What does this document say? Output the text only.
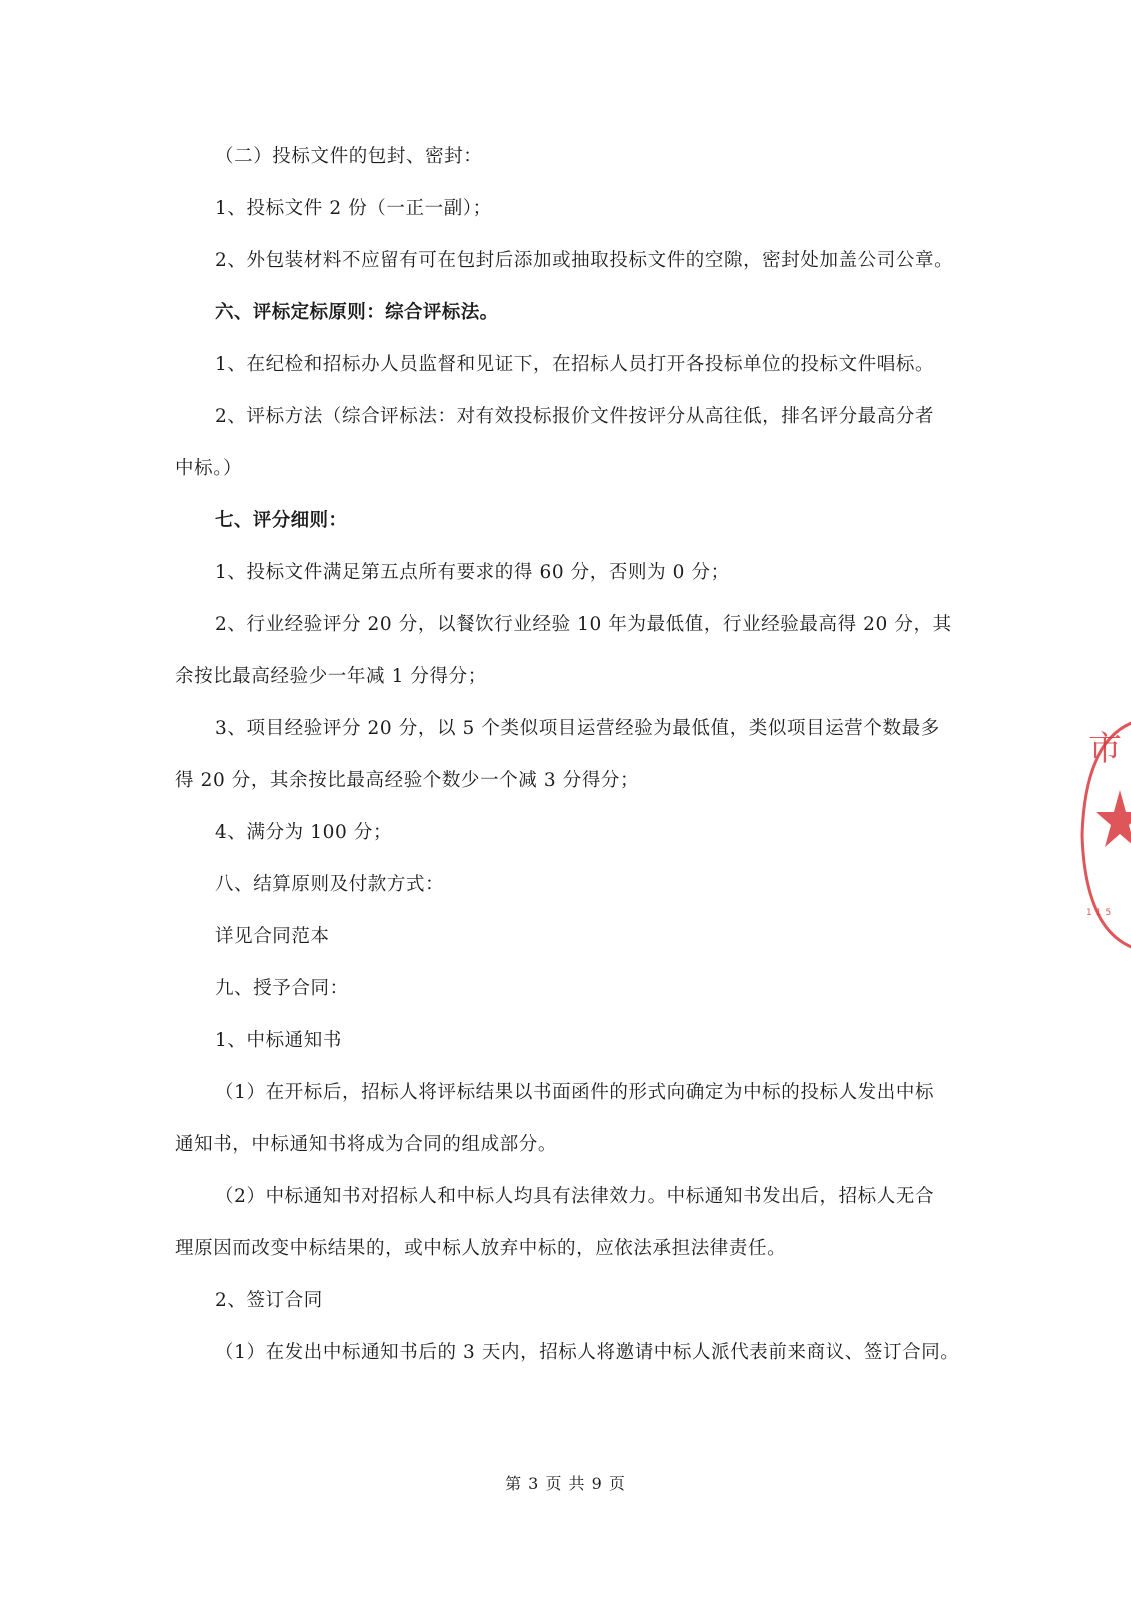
（二）投标文件的包封、密封：
1、投标文件 2 份（一正一副）；
2、外包装材料不应留有可在包封后添加或抽取投标文件的空隙，密封处加盖公司公章。
六、评标定标原则：综合评标法。
1、在纪检和招标办人员监督和见证下，在招标人员打开各投标单位的投标文件唱标。
2、评标方法（综合评标法：对有效投标报价文件按评分从高往低，排名评分最高分者
中标。）
七、评分细则：
1、投标文件满足第五点所有要求的得 60 分，否则为 0 分；
2、行业经验评分 20 分，以餐饮行业经验 10 年为最低值，行业经验最高得 20 分，其
余按比最高经验少一年减 1 分得分；
3、项目经验评分 20 分，以 5 个类似项目运营经验为最低值，类似项目运营个数最多
得 20 分，其余按比最高经验个数少一个减 3 分得分；
4、满分为 100 分；
八、结算原则及付款方式：
详见合同范本
九、授予合同：
1、中标通知书
（1）在开标后，招标人将评标结果以书面函件的形式向确定为中标的投标人发出中标
通知书，中标通知书将成为合同的组成部分。
（2）中标通知书对招标人和中标人均具有法律效力。中标通知书发出后，招标人无合
理原因而改变中标结果的，或中标人放弃中标的，应依法承担法律责任。
2、签订合同
（1）在发出中标通知书后的 3 天内，招标人将邀请中标人派代表前来商议、签订合同。
第 3 页 共 9 页
市
115
